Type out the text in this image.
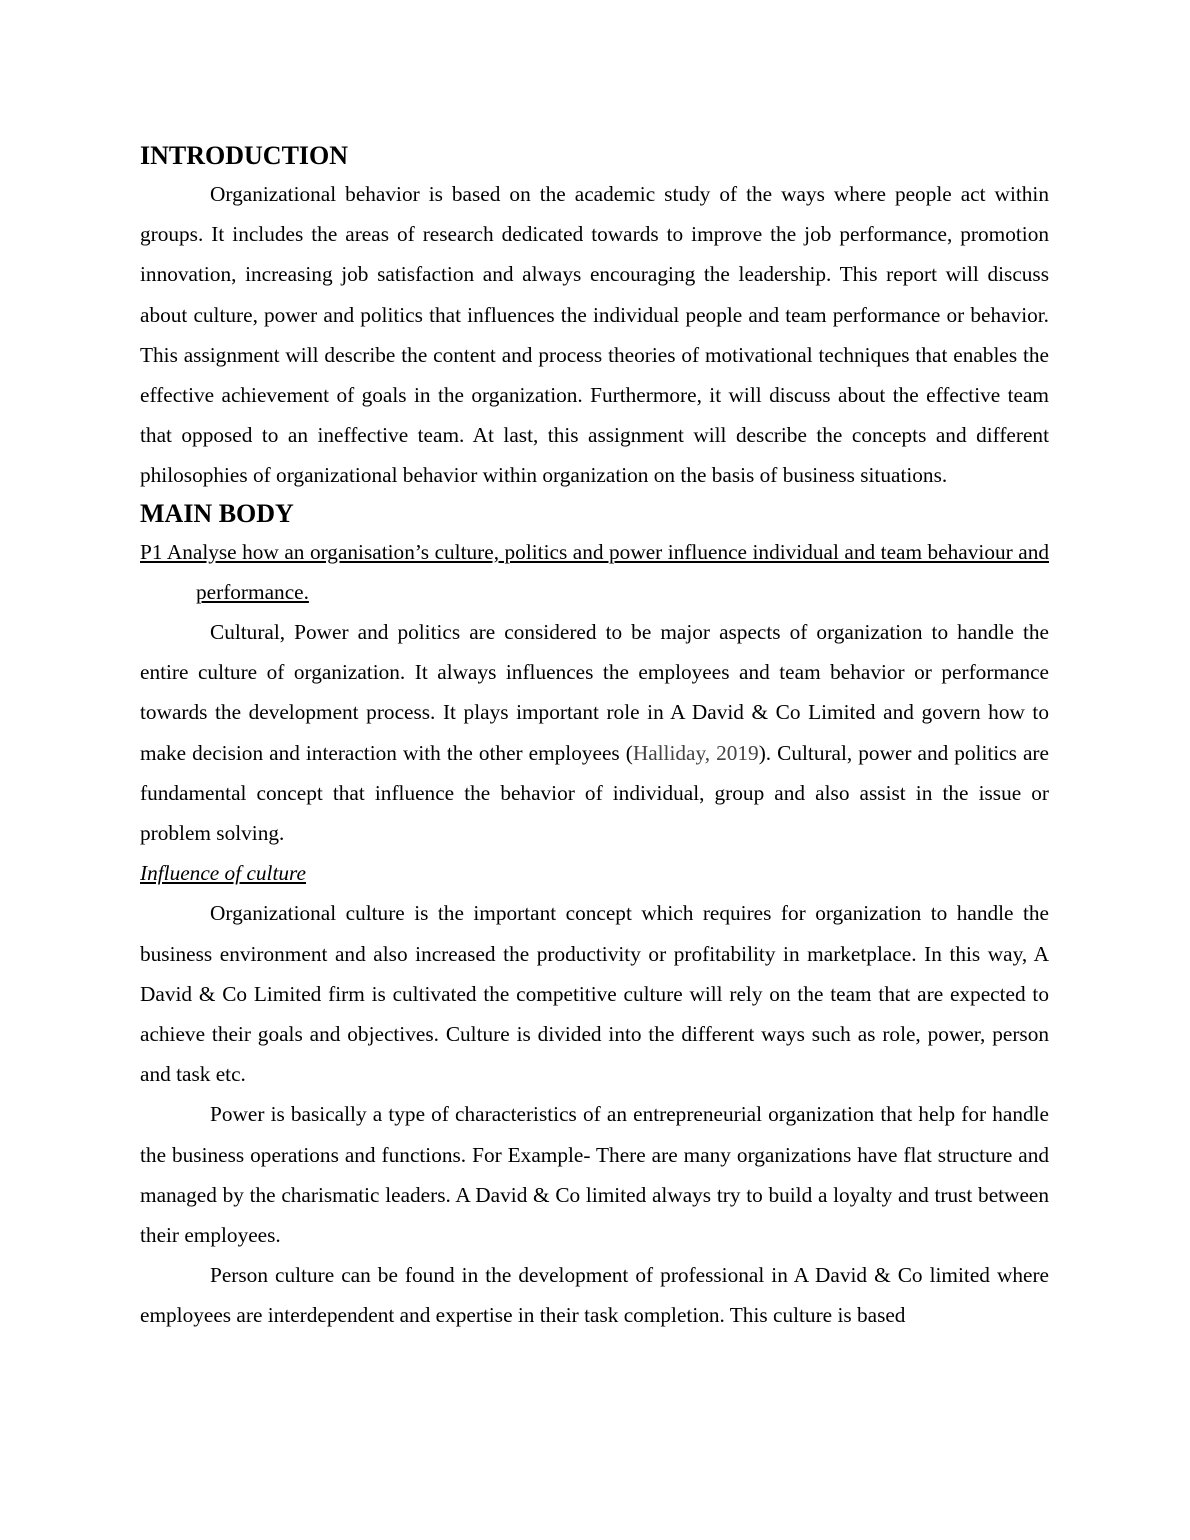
INTRODUCTION

Organizational behavior is based on the academic study of the ways where people act within groups. It includes the areas of research dedicated towards to improve the job performance, promotion innovation, increasing job satisfaction and always encouraging the leadership. This report will discuss about culture, power and politics that influences the individual people and team performance or behavior. This assignment will describe the content and process theories of motivational techniques that enables the effective achievement of goals in the organization. Furthermore, it will discuss about the effective team that opposed to an ineffective team. At last, this assignment will describe the concepts and different philosophies of organizational behavior within organization on the basis of business situations.

MAIN BODY

P1 Analyse how an organisation’s culture, politics and power influence individual and team behaviour and performance.

Cultural, Power and politics are considered to be major aspects of organization to handle the entire culture of organization. It always influences the employees and team behavior or performance towards the development process. It plays important role in A David & Co Limited and govern how to make decision and interaction with the other employees (Halliday, 2019). Cultural, power and politics are fundamental concept that influence the behavior of individual, group and also assist in the issue or problem solving.

Influence of culture

Organizational culture is the important concept which requires for organization to handle the business environment and also increased the productivity or profitability in marketplace. In this way, A David & Co Limited firm is cultivated the competitive culture will rely on the team that are expected to achieve their goals and objectives. Culture is divided into the different ways such as role, power, person and task etc.

Power is basically a type of characteristics of an entrepreneurial organization that help for handle the business operations and functions. For Example- There are many organizations have flat structure and managed by the charismatic leaders. A David & Co limited always try to build a loyalty and trust between their employees.

Person culture can be found in the development of professional in A David & Co limited where employees are interdependent and expertise in their task completion. This culture is based
